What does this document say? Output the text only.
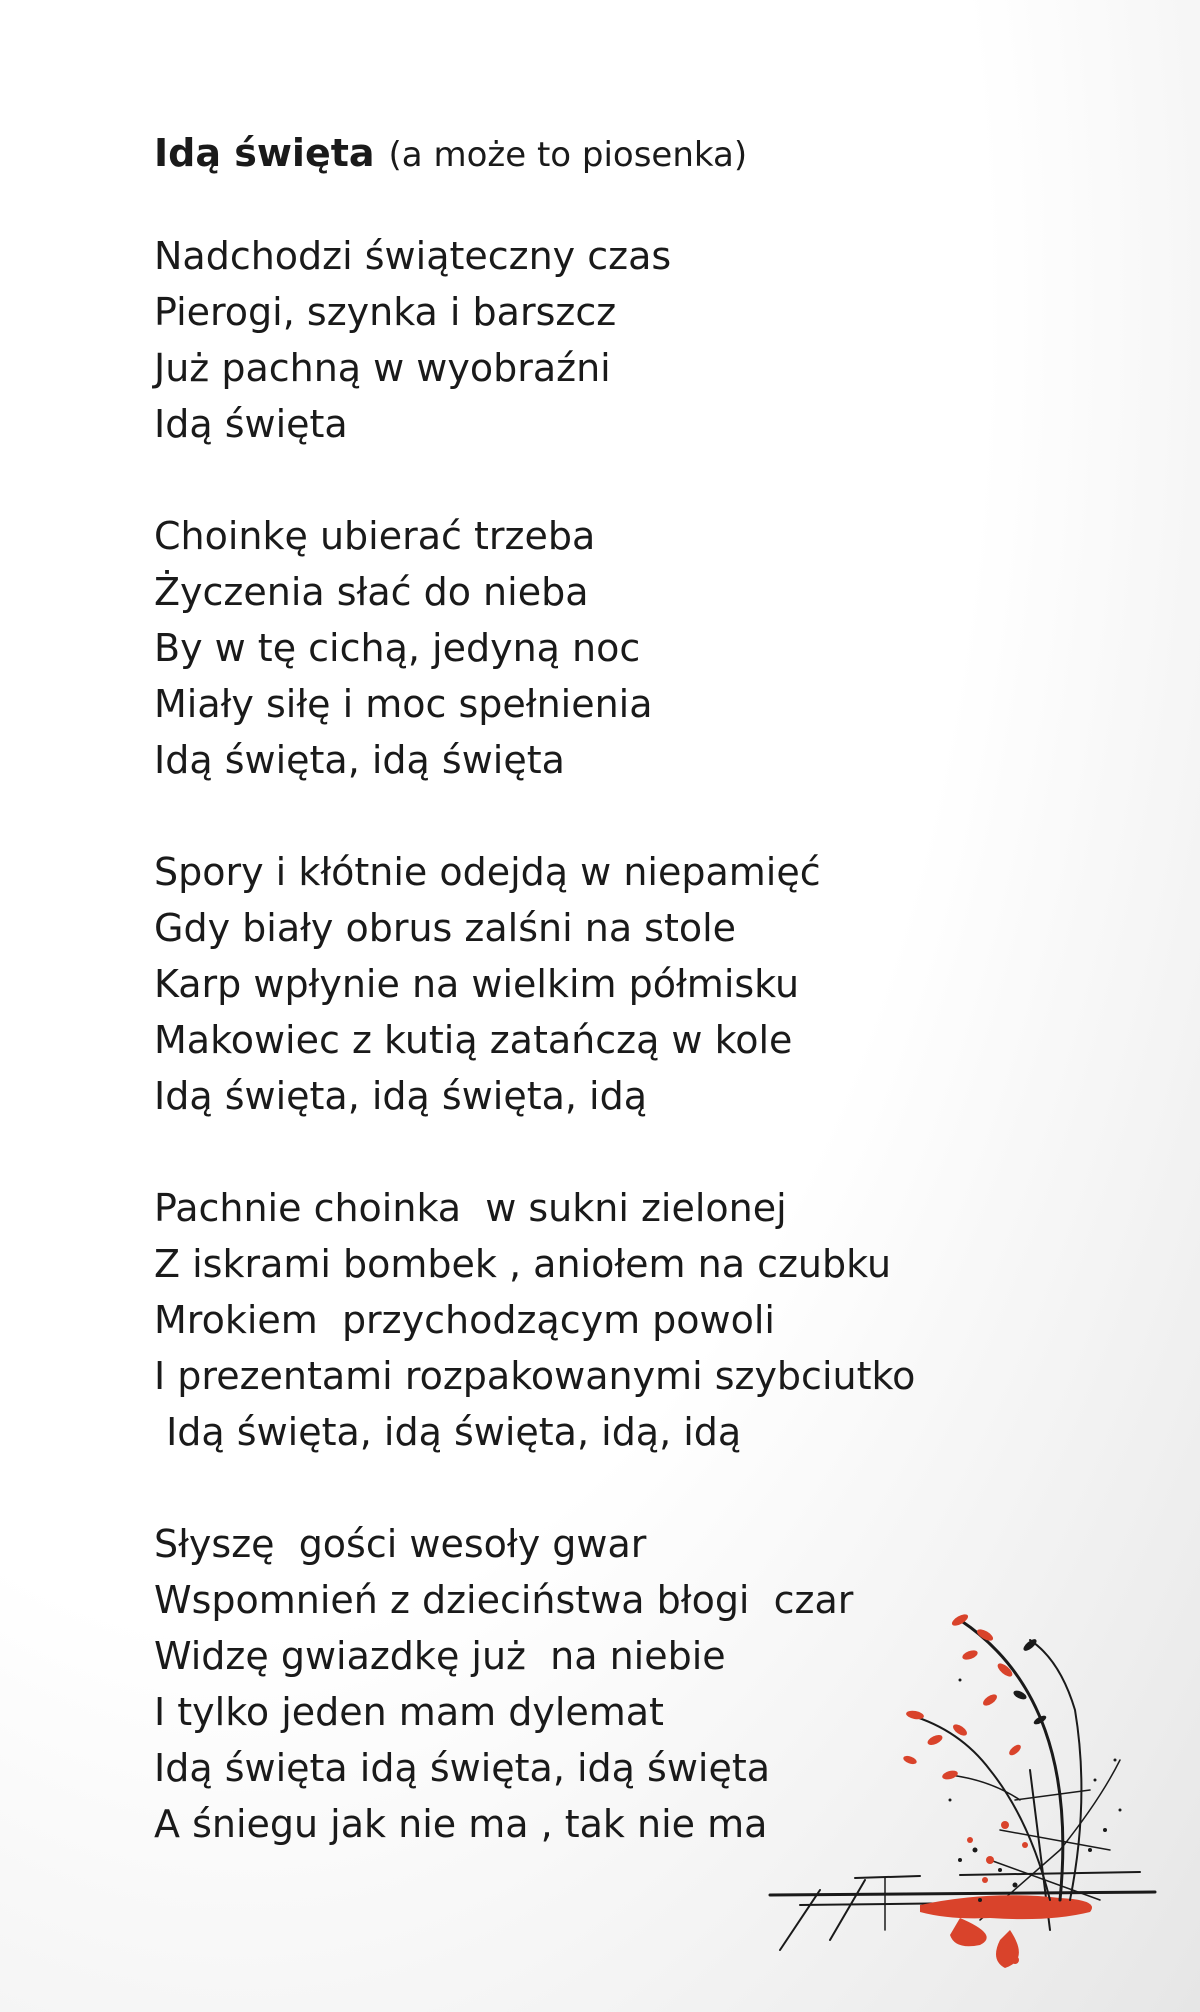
Idą święta (a może to piosenka)
Nadchodzi świąteczny czas
Pierogi, szynka i barszcz
Już pachną w wyobraźni
Idą święta
Choinkę ubierać trzeba
Życzenia słać do nieba
By w tę cichą, jedyną noc
Miały siłę i moc spełnienia
Idą święta, idą święta
Spory i kłótnie odejdą w niepamięć
Gdy biały obrus zalśni na stole
Karp wpłynie na wielkim półmisku
Makowiec z kutią zatańczą w kole
Idą święta, idą święta, idą
Pachnie choinka  w sukni zielonej
Z iskrami bombek , aniołem na czubku
Mrokiem  przychodzącym powoli
I prezentami rozpakowanymi szybciutko
Idą święta, idą święta, idą, idą
Słyszę  gości wesoły gwar
Wspomnień z dzieciństwa błogi  czar
Widzę gwiazdkę już  na niebie
I tylko jeden mam dylemat
Idą święta idą święta, idą święta
A śniegu jak nie ma , tak nie ma
